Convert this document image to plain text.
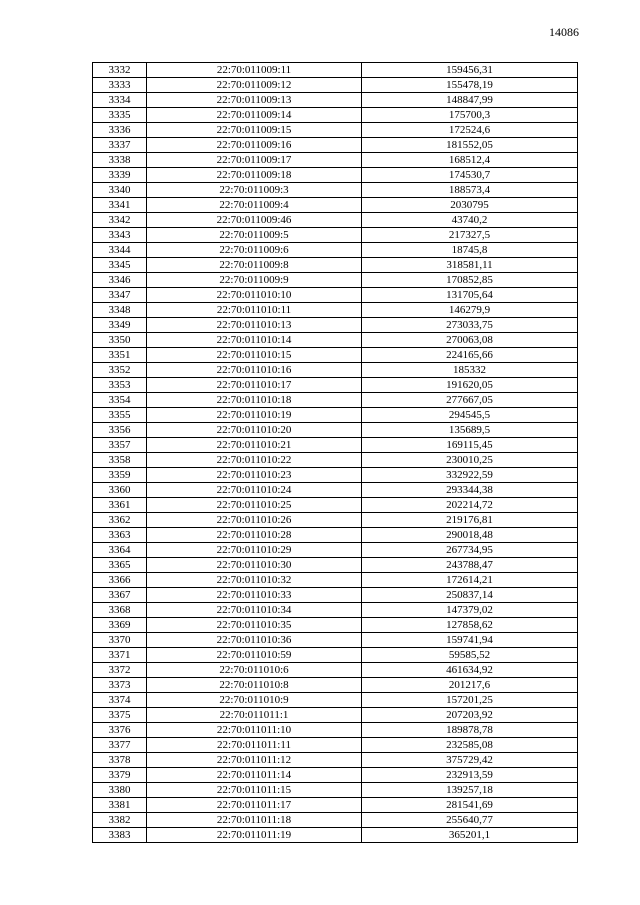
14086
3332	22:70:011009:11	159456,31
3333	22:70:011009:12	155478,19
3334	22:70:011009:13	148847,99
3335	22:70:011009:14	175700,3
3336	22:70:011009:15	172524,6
3337	22:70:011009:16	181552,05
3338	22:70:011009:17	168512,4
3339	22:70:011009:18	174530,7
3340	22:70:011009:3	188573,4
3341	22:70:011009:4	2030795
3342	22:70:011009:46	43740,2
3343	22:70:011009:5	217327,5
3344	22:70:011009:6	18745,8
3345	22:70:011009:8	318581,11
3346	22:70:011009:9	170852,85
3347	22:70:011010:10	131705,64
3348	22:70:011010:11	146279,9
3349	22:70:011010:13	273033,75
3350	22:70:011010:14	270063,08
3351	22:70:011010:15	224165,66
3352	22:70:011010:16	185332
3353	22:70:011010:17	191620,05
3354	22:70:011010:18	277667,05
3355	22:70:011010:19	294545,5
3356	22:70:011010:20	135689,5
3357	22:70:011010:21	169115,45
3358	22:70:011010:22	230010,25
3359	22:70:011010:23	332922,59
3360	22:70:011010:24	293344,38
3361	22:70:011010:25	202214,72
3362	22:70:011010:26	219176,81
3363	22:70:011010:28	290018,48
3364	22:70:011010:29	267734,95
3365	22:70:011010:30	243788,47
3366	22:70:011010:32	172614,21
3367	22:70:011010:33	250837,14
3368	22:70:011010:34	147379,02
3369	22:70:011010:35	127858,62
3370	22:70:011010:36	159741,94
3371	22:70:011010:59	59585,52
3372	22:70:011010:6	461634,92
3373	22:70:011010:8	201217,6
3374	22:70:011010:9	157201,25
3375	22:70:011011:1	207203,92
3376	22:70:011011:10	189878,78
3377	22:70:011011:11	232585,08
3378	22:70:011011:12	375729,42
3379	22:70:011011:14	232913,59
3380	22:70:011011:15	139257,18
3381	22:70:011011:17	281541,69
3382	22:70:011011:18	255640,77
3383	22:70:011011:19	365201,1
